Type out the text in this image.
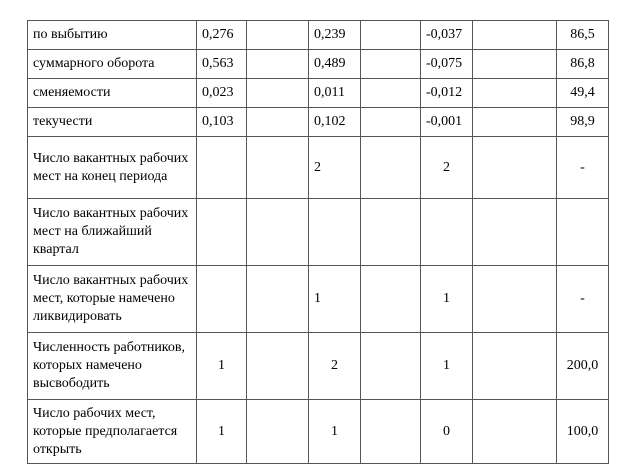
по выбытию	0,276		0,239		-0,037		86,5
суммарного оборота	0,563		0,489		-0,075		86,8
сменяемости	0,023		0,011		-0,012		49,4
текучести	0,103		0,102		-0,001		98,9
Число вакантных рабочих мест на конец периода			2		2		-
Число вакантных рабочих мест на ближайший квартал							
Число вакантных рабочих мест, которые намечено ликвидировать			1		1		-
Численность работников, которых намечено высвободить	1		2		1		200,0
Число рабочих мест, которые предполагается открыть	1		1		0		100,0
